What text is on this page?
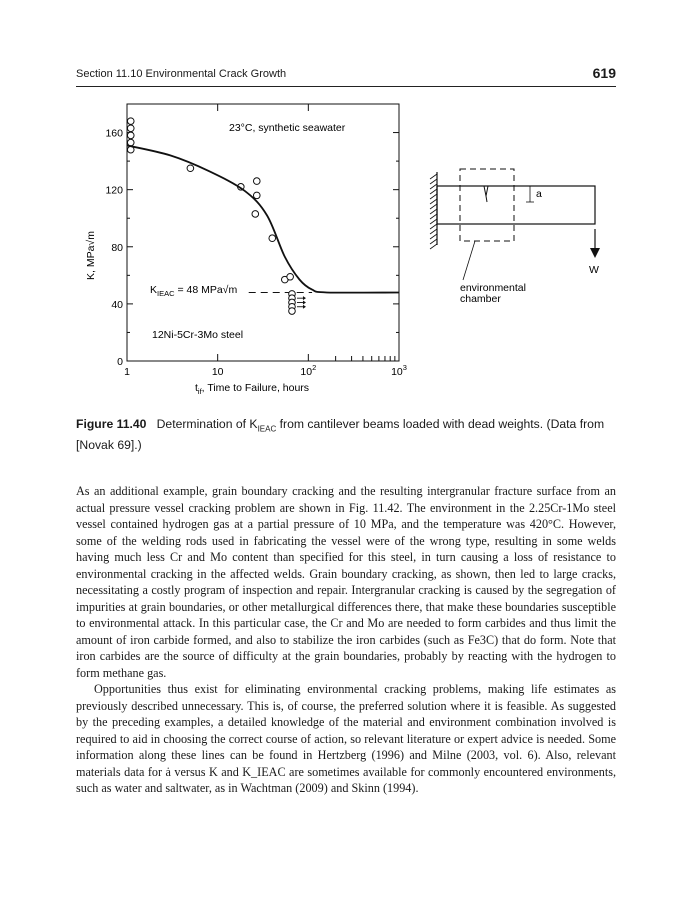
Section 11.10 Environmental Crack Growth	619
0
40
80
120
160
1	10	$10^2$	$10^3$
23°C, synthetic seawater
K, MPa√m
$t_{if}$, Time to Failure, hours
$K_{IEAC} = 48$ MPa√m
12Ni-5Cr-3Mo steel
a
W
environmental
chamber
Figure 11.40 Determination of $K_{IEAC}$ from cantilever beams loaded with dead weights. (Data from [Novak 69].)

As an additional example, grain boundary cracking and the resulting intergranular fracture surface from an actual pressure vessel cracking problem are shown in Fig. 11.42. The environment in the 2.25Cr-1Mo steel vessel contained hydrogen gas at a partial pressure of 10 MPa, and the temperature was 420°C. However, some of the welding rods used in fabricating the vessel were of the wrong type, resulting in some welds having much less Cr and Mo content than specified for this steel, in turn causing a loss of resistance to environmental cracking in the affected welds. Grain boundary cracking, as shown, then led to large cracks, necessitating a costly program of inspection and repair. Intergranular cracking is caused by the segregation of impurities at grain boundaries, or other metallurgical differences there, that make these boundaries susceptible to environmental attack. In this particular case, the Cr and Mo are needed to form carbides and thus limit the amount of iron carbide formed, and also to stabilize the iron carbides (such as Fe3C) that do form. Note that iron carbides are the source of difficulty at the grain boundaries, probably by reacting with the hydrogen to form methane gas.

Opportunities thus exist for eliminating environmental cracking problems, making life estimates as previously described unnecessary. This is, of course, the preferred solution where it is feasible. As suggested by the preceding examples, a detailed knowledge of the material and environment combination involved is required to aid in choosing the correct course of action, so relevant literature or expert advice is needed. Some information along these lines can be found in Hertzberg (1996) and Milne (2003, vol. 6). Also, relevant materials data for ȧ versus K and K_IEAC are sometimes available for commonly encountered environments, such as water and saltwater, as in Wachtman (2009) and Skinn (1994).
